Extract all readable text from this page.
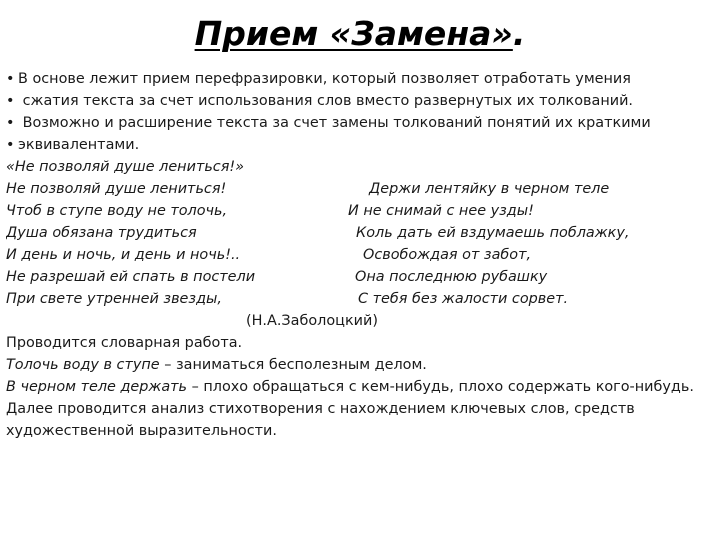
Прием «Замена».
• В основе лежит прием перефразировки, который позволяет отработать умения
• сжатия текста за счет использования слов вместо развернутых их толкований.
• Возможно и расширение текста за счет замены толкований понятий их краткими
• эквивалентами.
«Не позволяй душе лениться!»
Не позволяй душе лениться!	Держи лентяйку в черном теле
Чтоб в ступе воду не толочь,	И не снимай с нее узды!
Душа обязана трудиться	Коль дать ей вздумаешь поблажку,
И день и ночь, и день и ночь!..	Освобождая от забот,
Не разрешай ей спать в постели	Она последнюю рубашку
При свете утренней звезды,	С тебя без жалости сорвет.
(Н.А.Заболоцкий)
Проводится словарная работа.
Толочь воду в ступе – заниматься бесполезным делом.
В черном теле держать – плохо обращаться с кем-нибудь, плохо содержать кого-нибудь.
Далее проводится анализ стихотворения с нахождением ключевых слов, средств
художественной выразительности.
